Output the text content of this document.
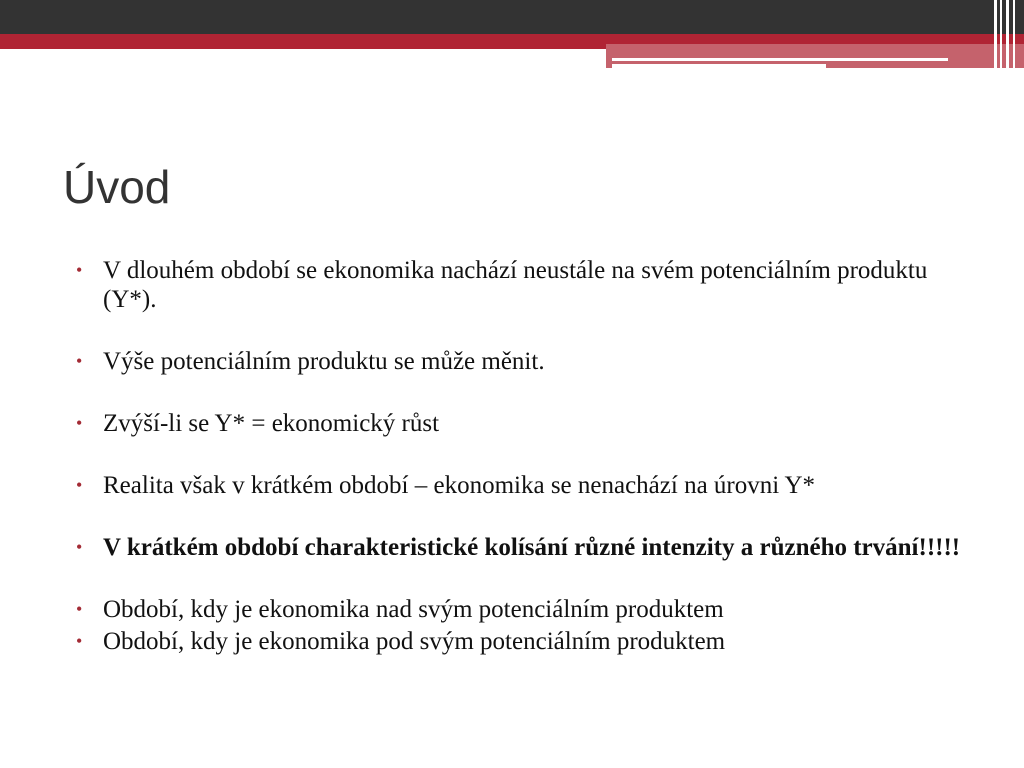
Úvod
• V dlouhém období se ekonomika nachází neustále na svém potenciálním produktu (Y*).
• Výše potenciálním produktu se může měnit.
• Zvýší-li se Y* = ekonomický růst
• Realita však v krátkém období – ekonomika se nenachází na úrovni Y*
• V krátkém období charakteristické kolísání různé intenzity a různého trvání!!!!!
• Období, kdy je ekonomika nad svým potenciálním produktem
• Období, kdy je ekonomika pod svým potenciálním produktem
